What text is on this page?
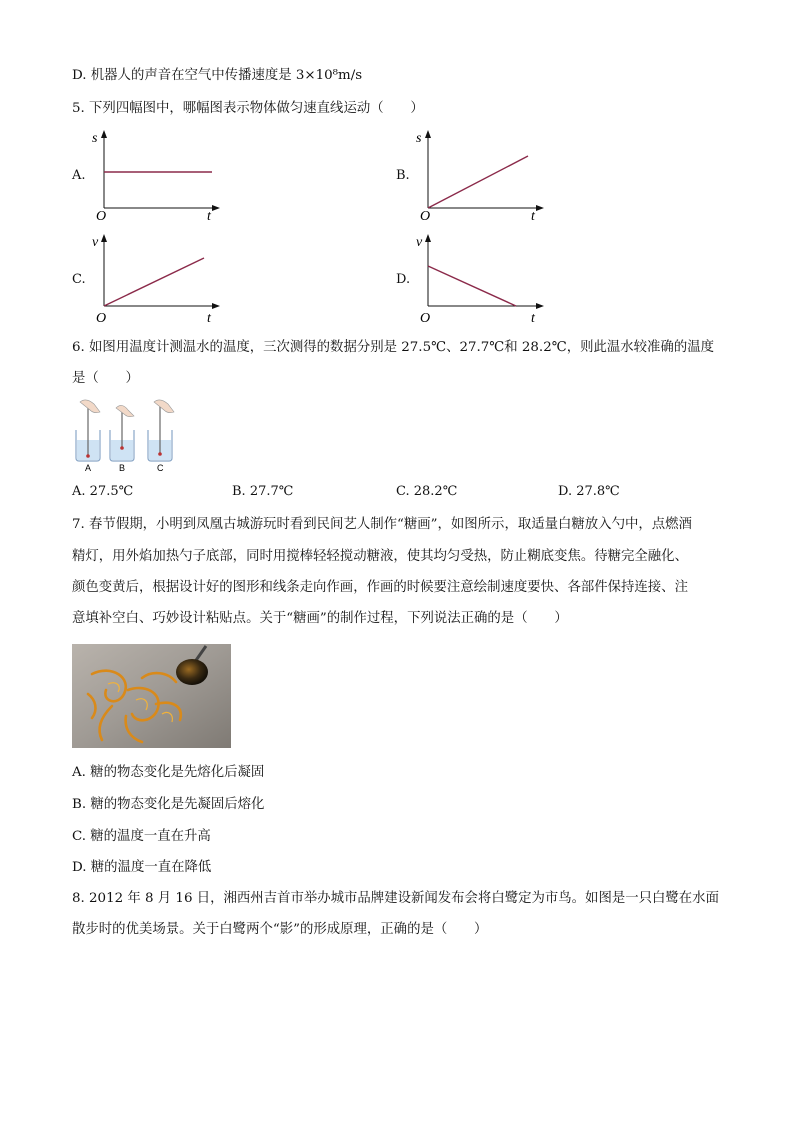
D. 机器人的声音在空气中传播速度是 3×10⁸m/s
5. 下列四幅图中，哪幅图表示物体做匀速直线运动（　　）
A.
s
t
O
B.
s
t
O
C.
v
t
O
D.
v
t
O
6. 如图用温度计测温水的温度，三次测得的数据分别是 27.5℃、27.7℃和 28.2℃，则此温水较准确的温度
是（　　）
A	B	C
A. 27.5℃	B. 27.7℃	C. 28.2℃	D. 27.8℃
7. 春节假期，小明到凤凰古城游玩时看到民间艺人制作“糖画”，如图所示，取适量白糖放入勺中，点燃酒
精灯，用外焰加热勺子底部，同时用搅棒轻轻搅动糖液，使其均匀受热，防止糊底变焦。待糖完全融化、
颜色变黄后，根据设计好的图形和线条走向作画，作画的时候要注意绘制速度要快、各部件保持连接、注
意填补空白、巧妙设计粘贴点。关于“糖画”的制作过程，下列说法正确的是（　　）
A. 糖的物态变化是先熔化后凝固
B. 糖的物态变化是先凝固后熔化
C. 糖的温度一直在升高
D. 糖的温度一直在降低
8. 2012 年 8 月 16 日，湘西州吉首市举办城市品牌建设新闻发布会将白鹭定为市鸟。如图是一只白鹭在水面
散步时的优美场景。关于白鹭两个“影”的形成原理，正确的是（　　）
